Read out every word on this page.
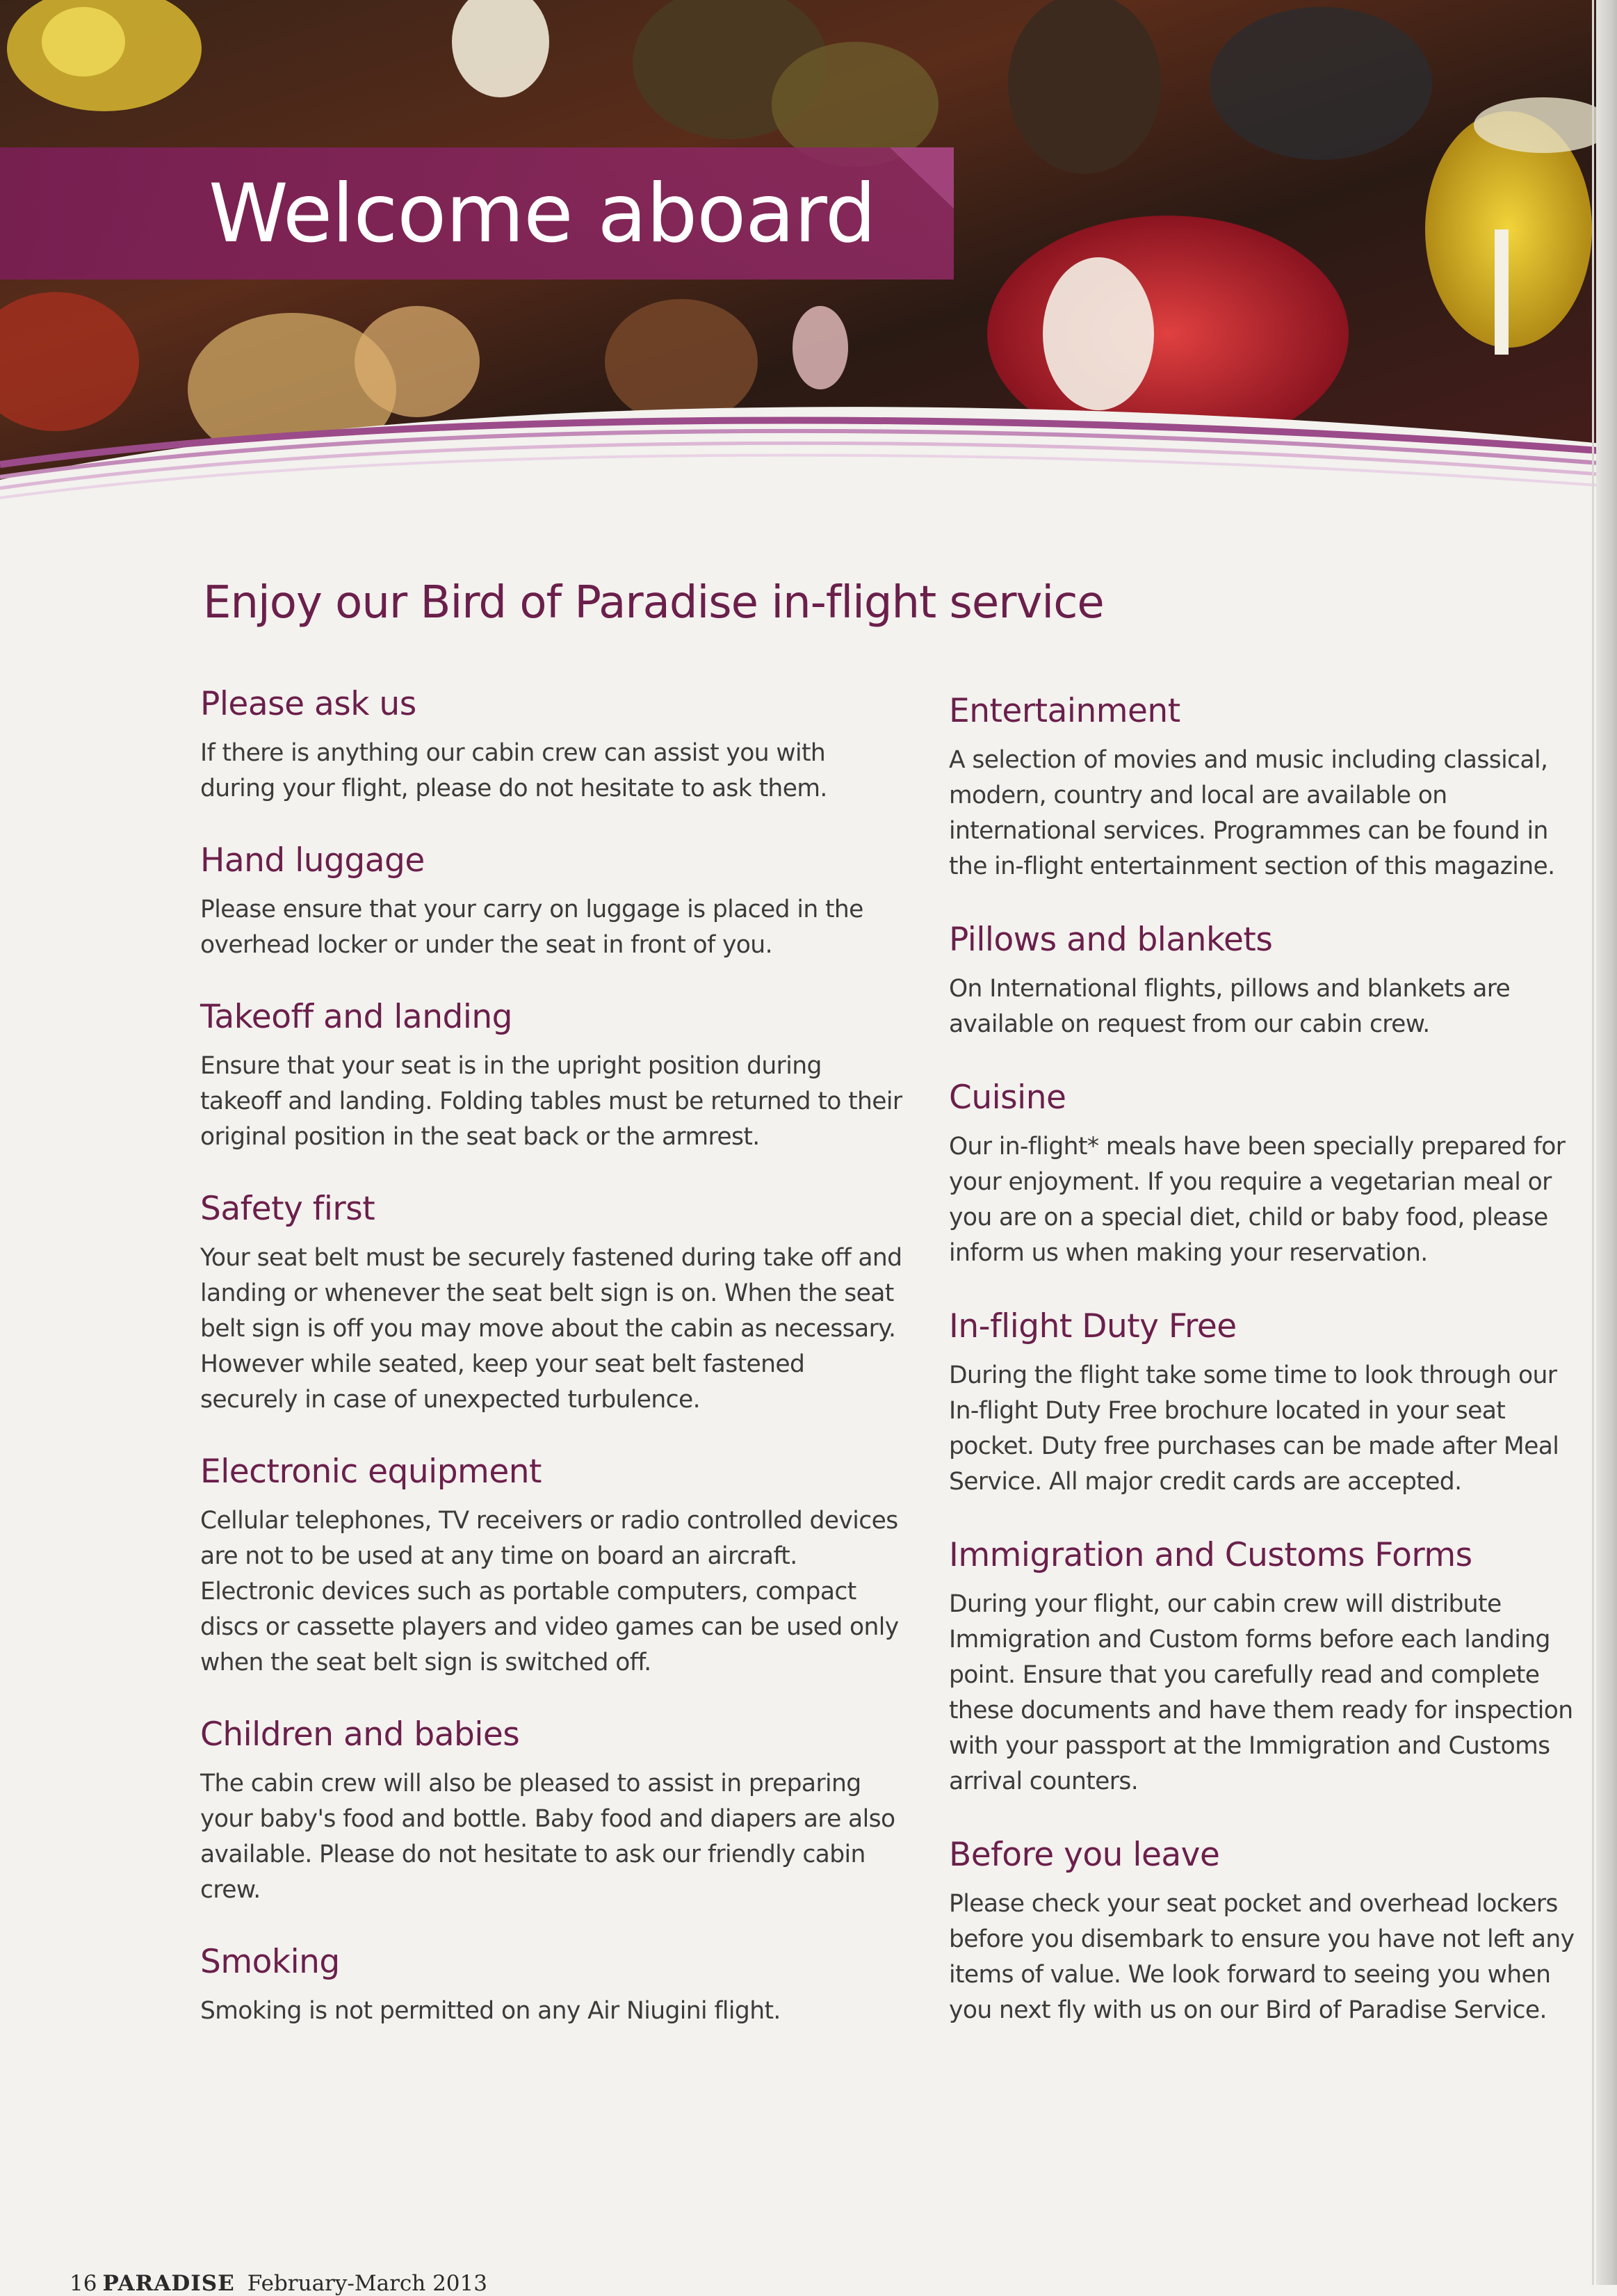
Welcome aboard
Enjoy our Bird of Paradise in-flight service
Please ask us

If there is anything our cabin crew can assist you with during your flight, please do not hesitate to ask them.

Hand luggage

Please ensure that your carry on luggage is placed in the overhead locker or under the seat in front of you.

Takeoff and landing

Ensure that your seat is in the upright position during takeoff and landing. Folding tables must be returned to their original position in the seat back or the armrest.

Safety first

Your seat belt must be securely fastened during take off and landing or whenever the seat belt sign is on. When the seat belt sign is off you may move about the cabin as necessary. However while seated, keep your seat belt fastened securely in case of unexpected turbulence.

Electronic equipment

Cellular telephones, TV receivers or radio controlled devices are not to be used at any time on board an aircraft. Electronic devices such as portable computers, compact discs or cassette players and video games can be used only when the seat belt sign is switched off.

Children and babies

The cabin crew will also be pleased to assist in preparing your baby's food and bottle. Baby food and diapers are also available. Please do not hesitate to ask our friendly cabin crew.

Smoking

Smoking is not permitted on any Air Niugini flight.

Entertainment

A selection of movies and music including classical, modern, country and local are available on international services. Programmes can be found in the in-flight entertainment section of this magazine.

Pillows and blankets

On International flights, pillows and blankets are available on request from our cabin crew.

Cuisine

Our in-flight* meals have been specially prepared for your enjoyment. If you require a vegetarian meal or you are on a special diet, child or baby food, please inform us when making your reservation.

In-flight Duty Free

During the flight take some time to look through our In-flight Duty Free brochure located in your seat pocket. Duty free purchases can be made after Meal Service. All major credit cards are accepted.

Immigration and Customs Forms

During your flight, our cabin crew will distribute Immigration and Custom forms before each landing point. Ensure that you carefully read and complete these documents and have them ready for inspection with your passport at the Immigration and Customs arrival counters.

Before you leave

Please check your seat pocket and overhead lockers before you disembark to ensure you have not left any items of value. We look forward to seeing you when you next fly with us on our Bird of Paradise Service.

16 PARADISE February-March 2013
